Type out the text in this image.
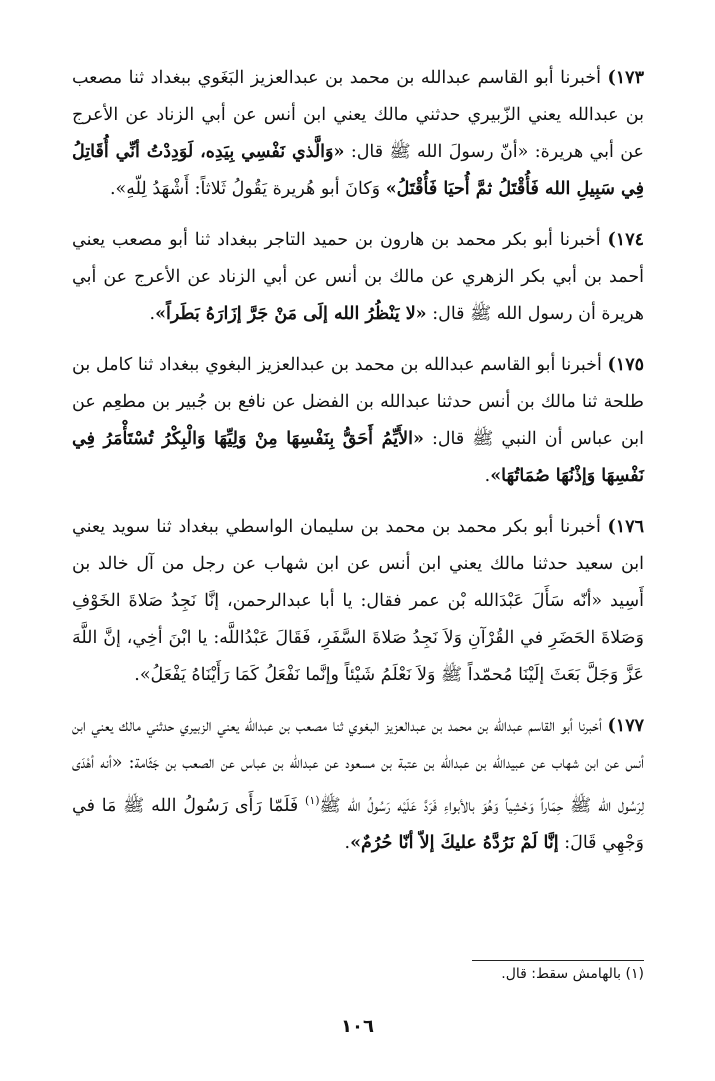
١٧٣) أخبرنا أبو القاسم عبدالله بن محمد بن عبدالعزيز البَغَوي ببغداد ثنا مصعب بن عبدالله يعني الزّبيري حدثني مالك يعني ابن أنس عن أبي الزناد عن الأعرج عن أبي هريرة: «أنّ رسولَ الله ﷺ قال: «وَالَّذي نَفْسِي بِيَدِه، لَوَدِدْتُ أنِّي أُقَاتِلُ فِي سَبِيلِ الله فَأُقْتَلُ ثمَّ أُحيَا فَأُقْتَلُ» وَكانَ أبو هُريرة يَقُولُ ثَلاثاً: أَشْهَدُ لِلّهِ».

١٧٤) أخبرنا أبو بكر محمد بن هارون بن حميد التاجر ببغداد ثنا أبو مصعب يعني أحمد بن أبي بكر الزهري عن مالك بن أنس عن أبي الزناد عن الأعرج عن أبي هريرة أن رسول الله ﷺ قال: «لا يَنْظُرُ الله إلَى مَنْ جَرَّ إزَارَهُ بَطَراً».

١٧٥) أخبرنا أبو القاسم عبدالله بن محمد بن عبدالعزيز البغوي ببغداد ثنا كامل بن طلحة ثنا مالك بن أنس حدثنا عبدالله بن الفضل عن نافع بن جُبير بن مطعِم عن ابن عباس أن النبي ﷺ قال: «الأَيِّمُ أَحَقُّ بِنَفْسِهَا مِنْ وَلِيِّهَا وَالْبِكْرُ تُسْتَأْمَرُ فِي نَفْسِهَا وَإذْنُهَا صُمَاتُهَا».

١٧٦) أخبرنا أبو بكر محمد بن محمد بن سليمان الواسطي ببغداد ثنا سويد يعني ابن سعيد حدثنا مالك يعني ابن أنس عن ابن شهاب عن رجل من آل خالد بن أَسِيد «أنّه سَأَلَ عَبْدَالله بْن عمر فقال: يا أبا عبدالرحمن، إنَّا نَجِدُ صَلاةَ الخَوْفِ وَصَلاةَ الحَضَرِ في القُرْآنِ وَلاَ نَجِدُ صَلاةَ السَّفَرِ، فَقَالَ عَبْدُاللَّه: يا ابْنَ أخِي، إنَّ اللَّهَ عَزَّ وَجَلَّ بَعَثَ إلَيْنَا مُحمّداً ﷺ وَلاَ نَعْلَمُ شَيْئاً وإنَّما نَفْعَلُ كَمَا رَأَيْنَاهُ يَفْعَلُ».

١٧٧) أخبرنا أبو القاسم عبدالله بن محمد بن عبدالعزيز البغوي ثنا مصعب بن عبدالله يعني الزبيري حدثني مالك يعني ابن أنس عن ابن شهاب عن عبيدالله بن عبدالله بن عتبة بن مسعود عن عبدالله بن عباس عن الصعب بن جَثّامة: «أنه أهْدَى لِرَسُول الله ﷺ حِمَاراً وَحْشِياً وَهُوَ بالأبواءِ فَرَدَّ عَلَيْه رَسُولُ الله ﷺ$^{(١)}$ فَلَمّا رَأَى رَسُولُ الله ﷺ مَا في وَجْهِي قَالَ: إنَّا لَمْ نَرُدَّهُ عليكَ إلاّ أنّا حُرُمٌ».

(١) بالهامش سقط: قال.
١٠٦
